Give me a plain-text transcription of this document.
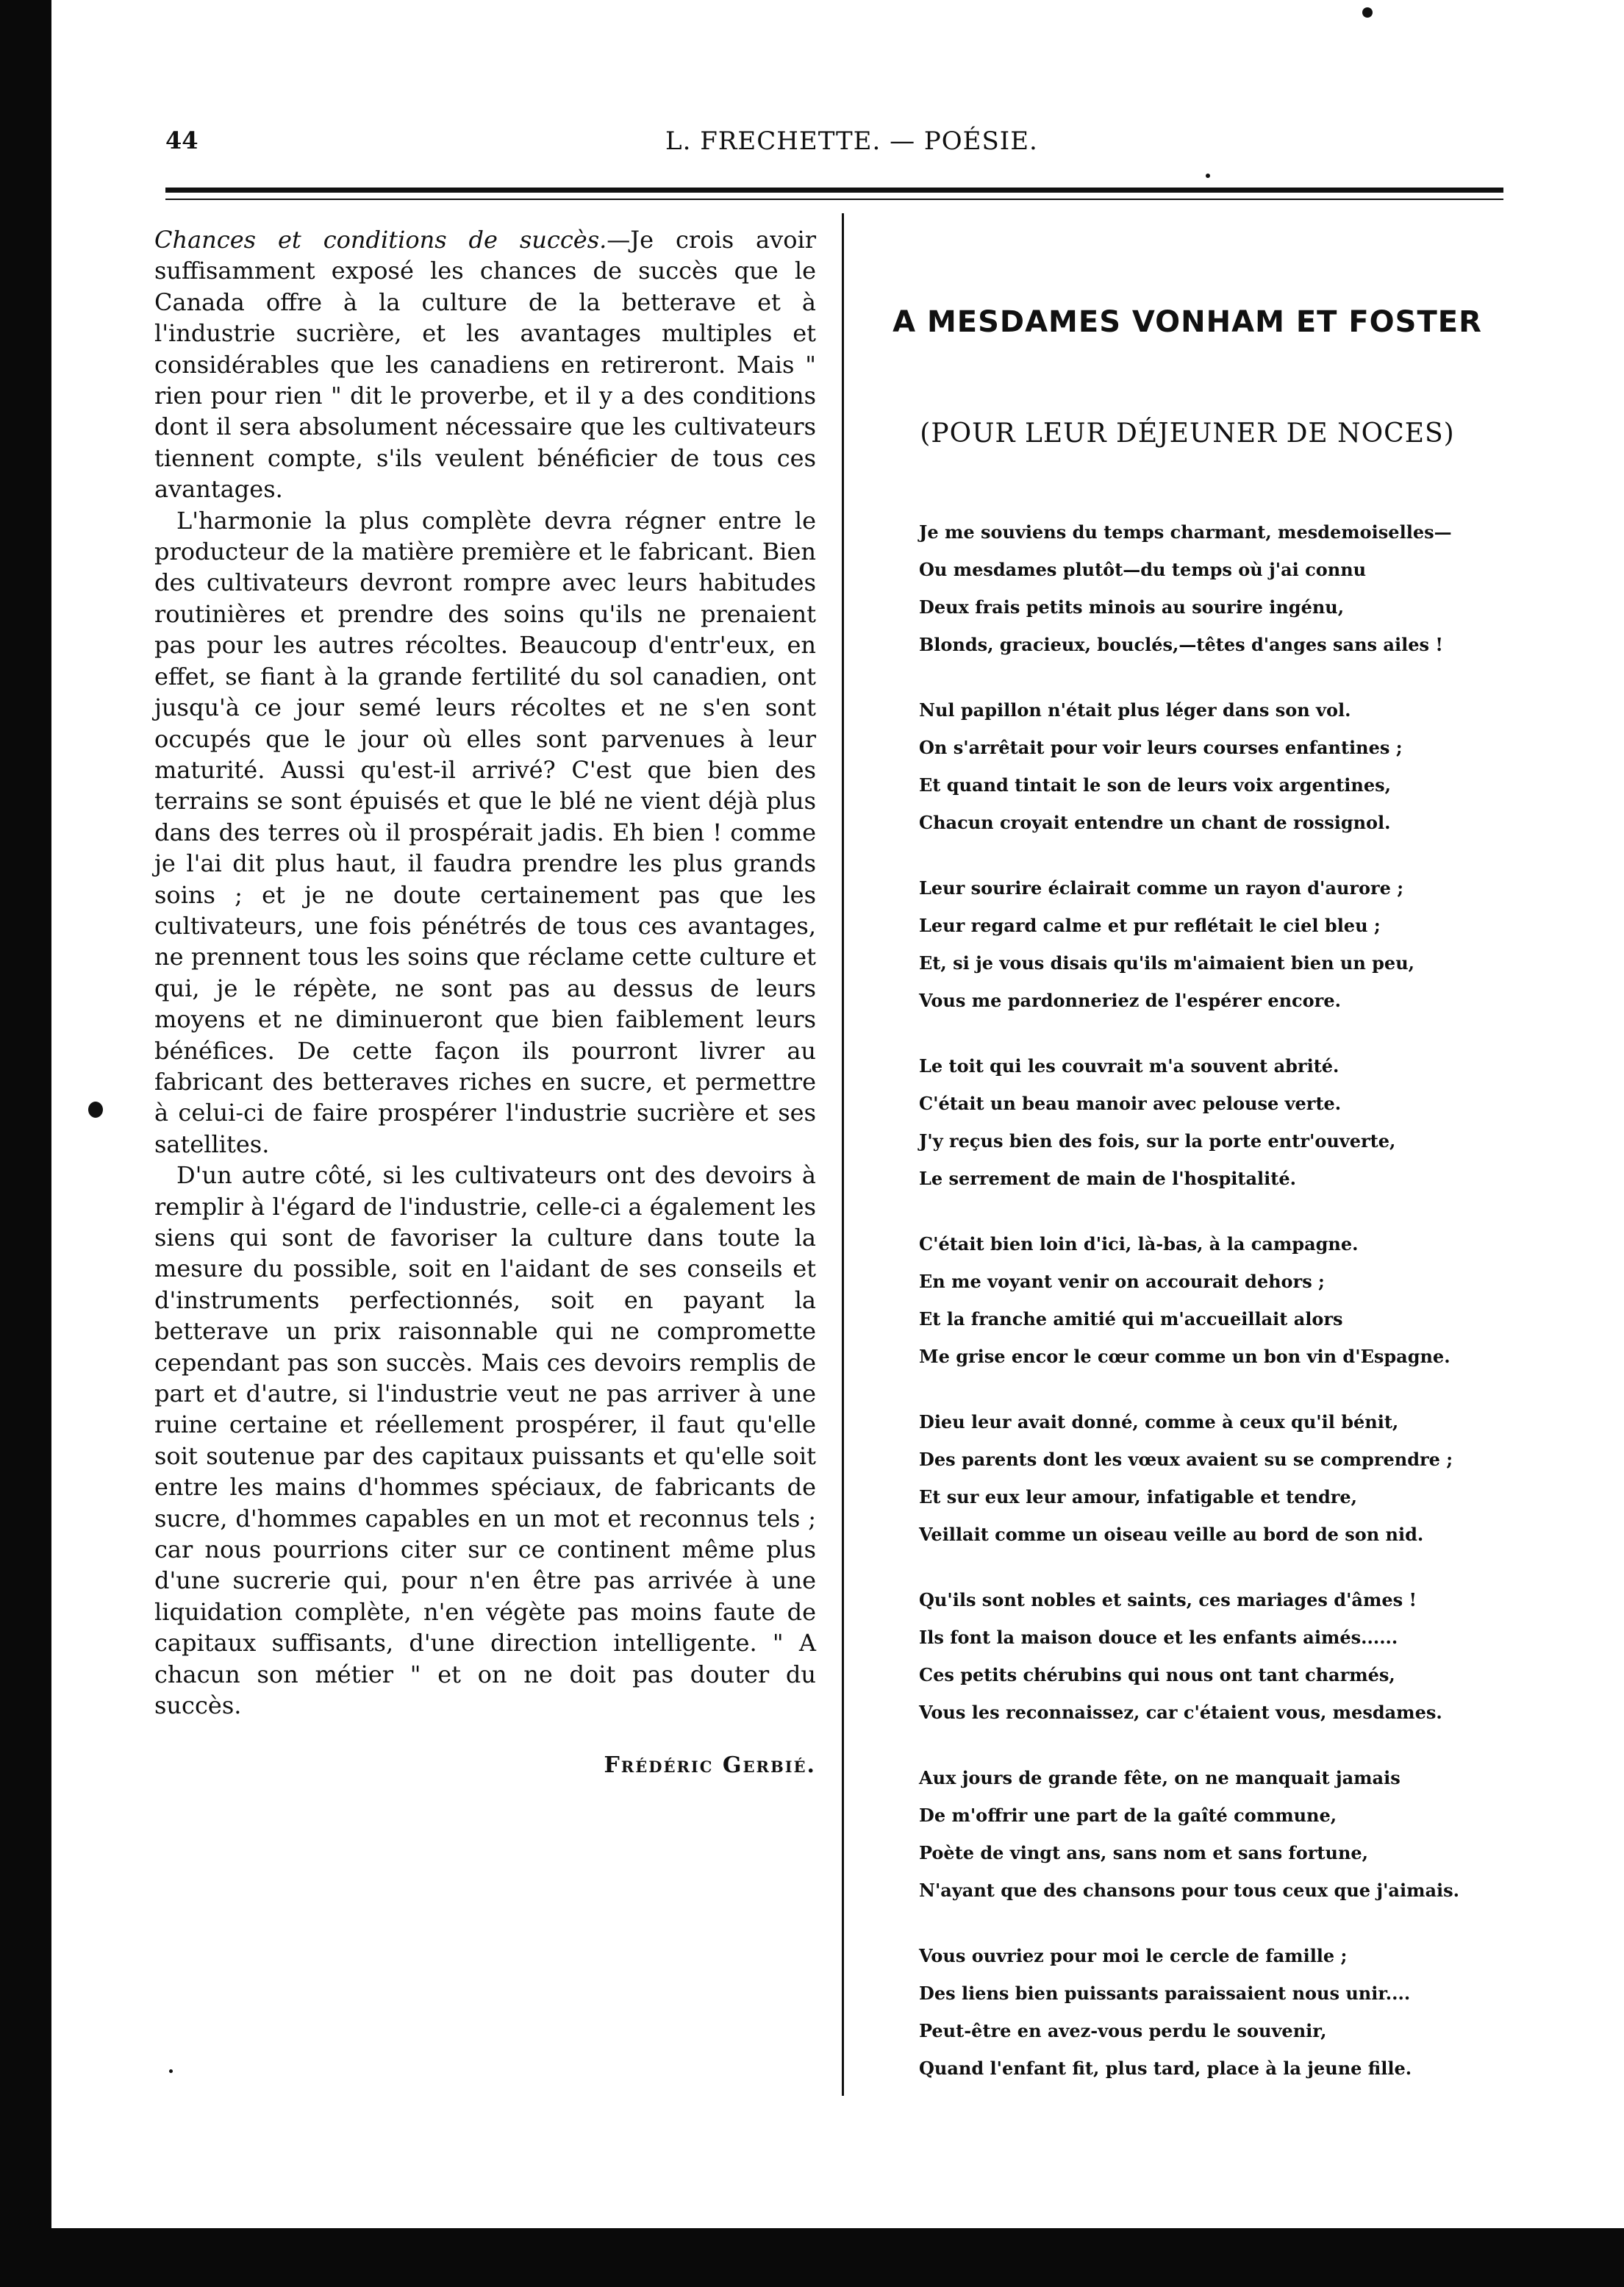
44	L. FRECHETTE. — POÉSIE.

Chances et conditions de succès.—Je crois avoir suffisamment exposé les chances de succès que le Canada offre à la culture de la betterave et à l'industrie sucrière, et les avantages multiples et considérables que les canadiens en retireront. Mais " rien pour rien " dit le proverbe, et il y a des conditions dont il sera absolument nécessaire que les cultivateurs tiennent compte, s'ils veulent bénéficier de tous ces avantages.

L'harmonie la plus complète devra régner entre le producteur de la matière première et le fabricant. Bien des cultivateurs devront rompre avec leurs habitudes routinières et prendre des soins qu'ils ne prenaient pas pour les autres récoltes. Beaucoup d'entr'eux, en effet, se fiant à la grande fertilité du sol canadien, ont jusqu'à ce jour semé leurs récoltes et ne s'en sont occupés que le jour où elles sont parvenues à leur maturité. Aussi qu'est-il arrivé? C'est que bien des terrains se sont épuisés et que le blé ne vient déjà plus dans des terres où il prospérait jadis. Eh bien ! comme je l'ai dit plus haut, il faudra prendre les plus grands soins ; et je ne doute certainement pas que les cultivateurs, une fois pénétrés de tous ces avantages, ne prennent tous les soins que réclame cette culture et qui, je le répète, ne sont pas au dessus de leurs moyens et ne diminueront que bien faiblement leurs bénéfices. De cette façon ils pourront livrer au fabricant des betteraves riches en sucre, et permettre à celui-ci de faire prospérer l'industrie sucrière et ses satellites.

D'un autre côté, si les cultivateurs ont des devoirs à remplir à l'égard de l'industrie, celle-ci a également les siens qui sont de favoriser la culture dans toute la mesure du possible, soit en l'aidant de ses conseils et d'instruments perfectionnés, soit en payant la betterave un prix raisonnable qui ne compromette cependant pas son succès. Mais ces devoirs remplis de part et d'autre, si l'industrie veut ne pas arriver à une ruine certaine et réellement prospérer, il faut qu'elle soit soutenue par des capitaux puissants et qu'elle soit entre les mains d'hommes spéciaux, de fabricants de sucre, d'hommes capables en un mot et reconnus tels ; car nous pourrions citer sur ce continent même plus d'une sucrerie qui, pour n'en être pas arrivée à une liquidation complète, n'en végète pas moins faute de capitaux suffisants, d'une direction intelligente. " A chacun son métier " et on ne doit pas douter du succès.

Frédéric Gerbié.
A MESDAMES VONHAM ET FOSTER
(POUR LEUR DÉJEUNER DE NOCES)
Je me souviens du temps charmant, mesdemoiselles—
Ou mesdames plutôt—du temps où j'ai connu
Deux frais petits minois au sourire ingénu,
Blonds, gracieux, bouclés,—têtes d'anges sans ailes !
Nul papillon n'était plus léger dans son vol.
On s'arrêtait pour voir leurs courses enfantines ;
Et quand tintait le son de leurs voix argentines,
Chacun croyait entendre un chant de rossignol.
Leur sourire éclairait comme un rayon d'aurore ;
Leur regard calme et pur reflétait le ciel bleu ;
Et, si je vous disais qu'ils m'aimaient bien un peu,
Vous me pardonneriez de l'espérer encore.
Le toit qui les couvrait m'a souvent abrité.
C'était un beau manoir avec pelouse verte.
J'y reçus bien des fois, sur la porte entr'ouverte,
Le serrement de main de l'hospitalité.
C'était bien loin d'ici, là-bas, à la campagne.
En me voyant venir on accourait dehors ;
Et la franche amitié qui m'accueillait alors
Me grise encor le cœur comme un bon vin d'Espagne.
Dieu leur avait donné, comme à ceux qu'il bénit,
Des parents dont les vœux avaient su se comprendre ;
Et sur eux leur amour, infatigable et tendre,
Veillait comme un oiseau veille au bord de son nid.
Qu'ils sont nobles et saints, ces mariages d'âmes !
Ils font la maison douce et les enfants aimés......
Ces petits chérubins qui nous ont tant charmés,
Vous les reconnaissez, car c'étaient vous, mesdames.
Aux jours de grande fête, on ne manquait jamais
De m'offrir une part de la gaîté commune,
Poète de vingt ans, sans nom et sans fortune,
N'ayant que des chansons pour tous ceux que j'aimais.
Vous ouvriez pour moi le cercle de famille ;
Des liens bien puissants paraissaient nous unir....
Peut-être en avez-vous perdu le souvenir,
Quand l'enfant fit, plus tard, place à la jeune fille.
